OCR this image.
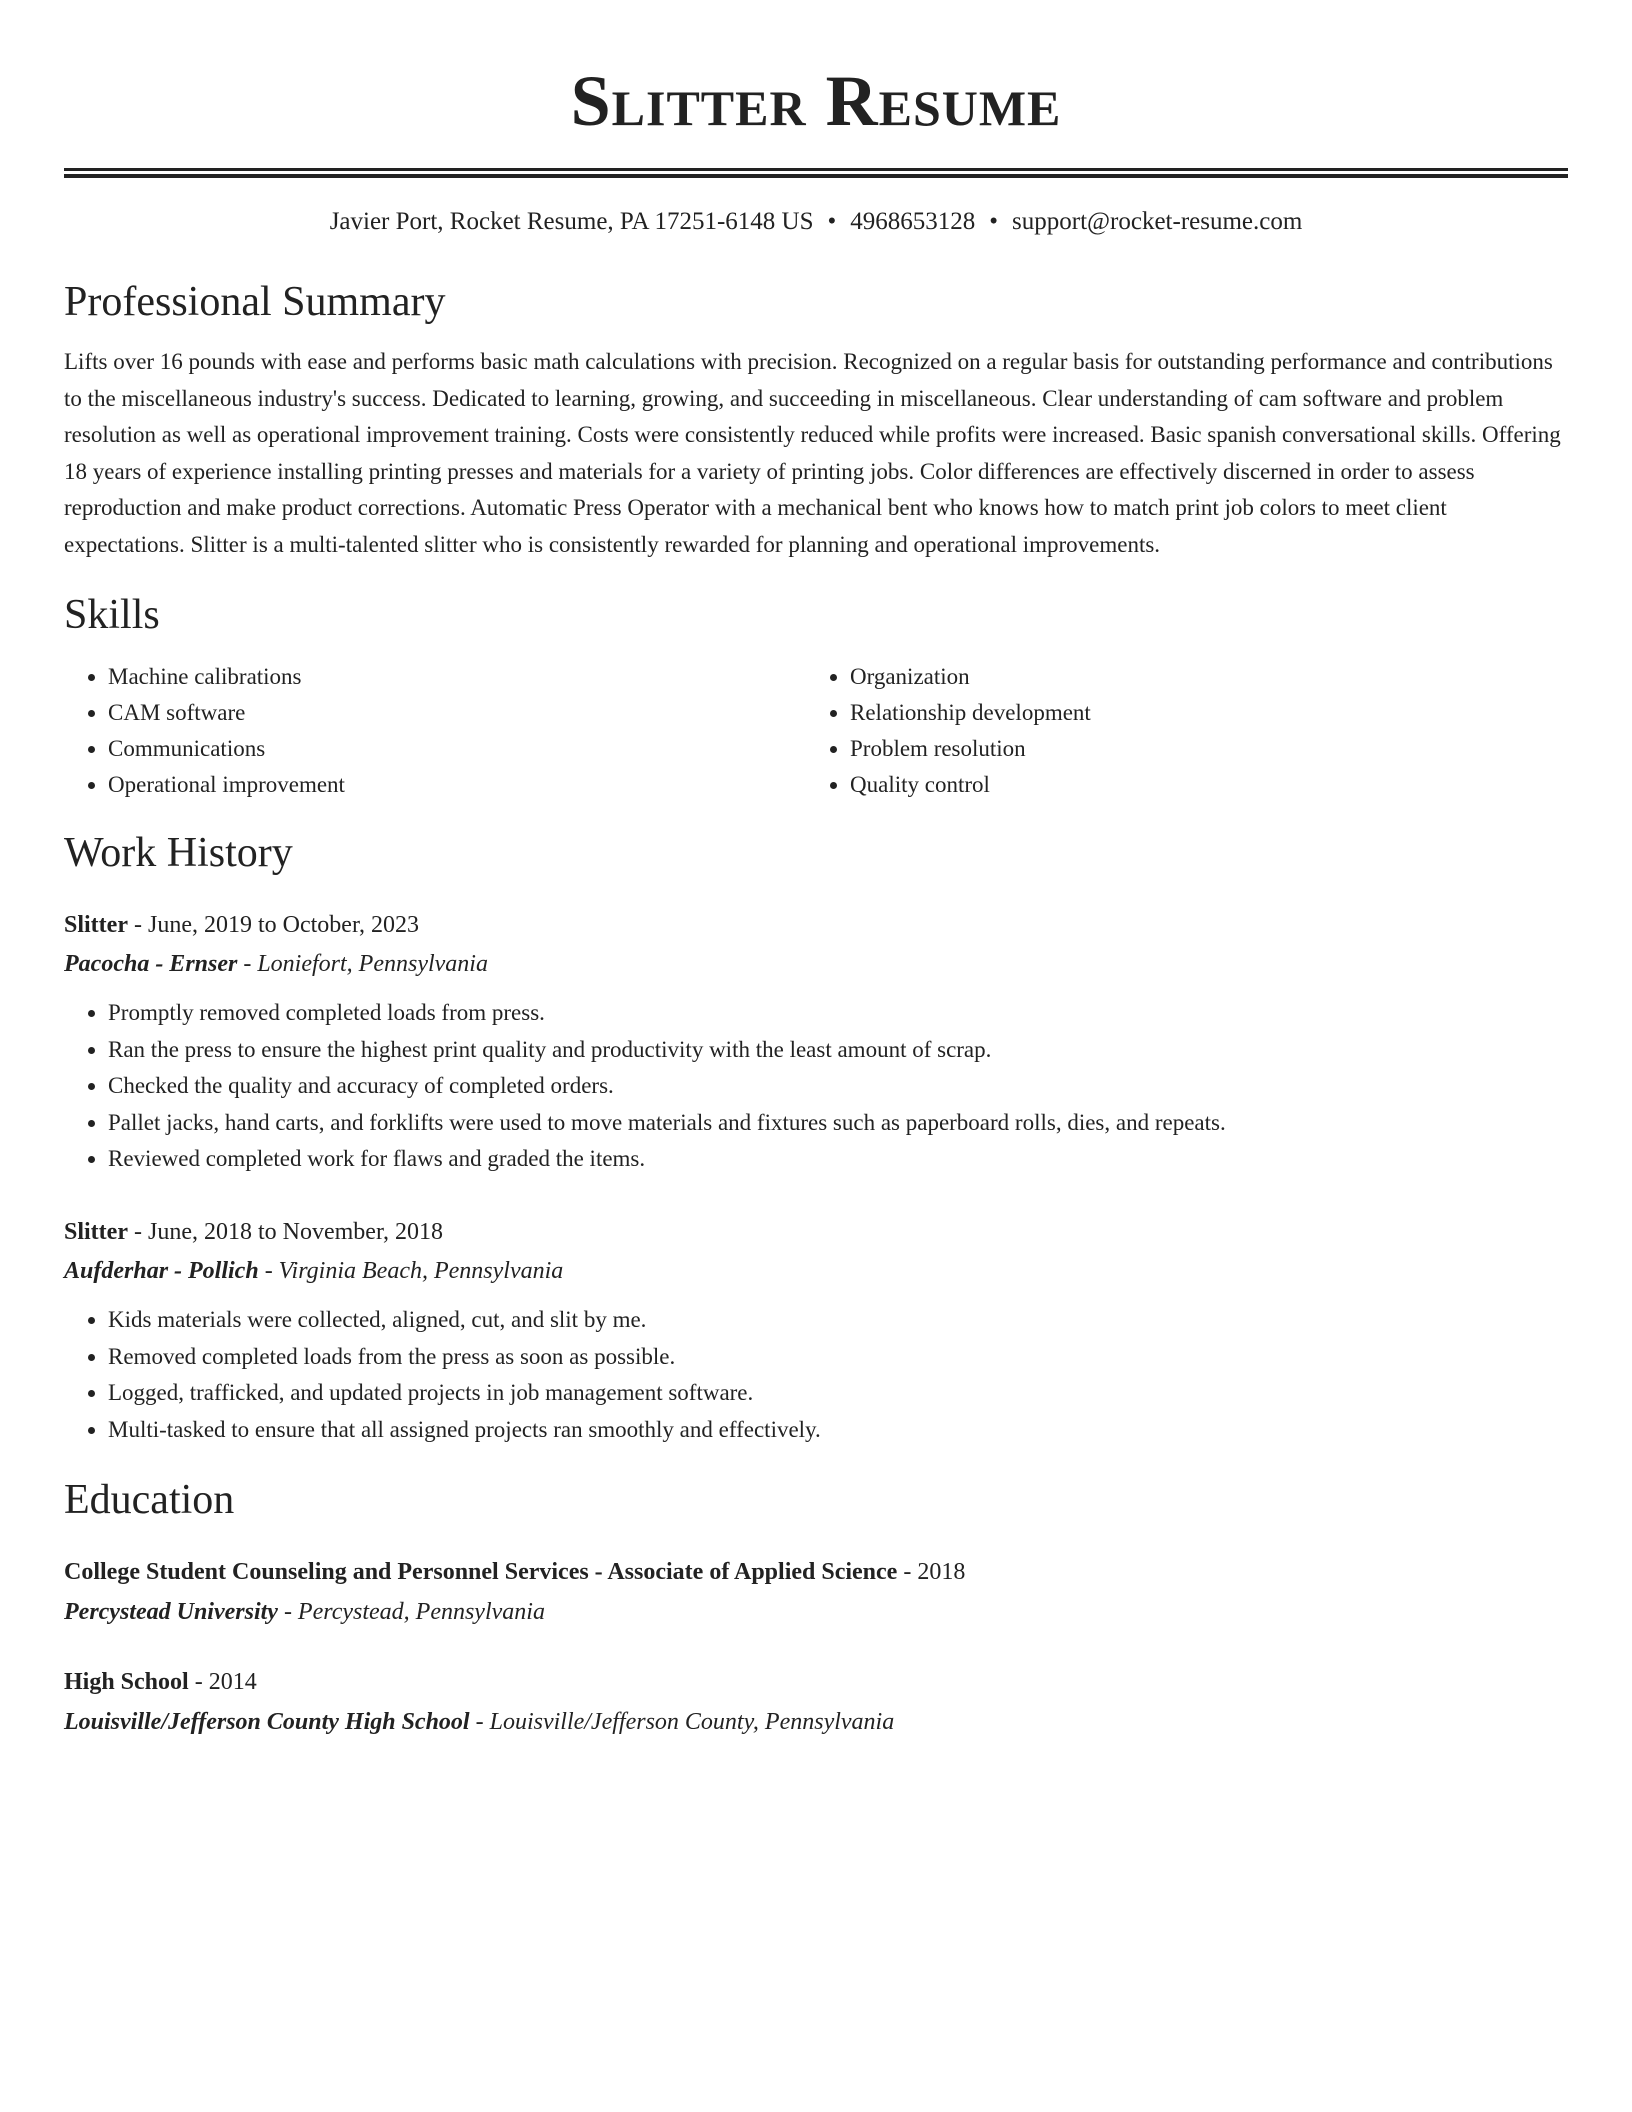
Slitter Resume
Javier Port, Rocket Resume, PA 17251-6148 US • 4968653128 • support@rocket-resume.com
Professional Summary
Lifts over 16 pounds with ease and performs basic math calculations with precision. Recognized on a regular basis for outstanding performance and contributions to the miscellaneous industry's success. Dedicated to learning, growing, and succeeding in miscellaneous. Clear understanding of cam software and problem resolution as well as operational improvement training. Costs were consistently reduced while profits were increased. Basic spanish conversational skills. Offering 18 years of experience installing printing presses and materials for a variety of printing jobs. Color differences are effectively discerned in order to assess reproduction and make product corrections. Automatic Press Operator with a mechanical bent who knows how to match print job colors to meet client expectations. Slitter is a multi-talented slitter who is consistently rewarded for planning and operational improvements.
Skills
• Machine calibrations
• CAM software
• Communications
• Operational improvement
• Organization
• Relationship development
• Problem resolution
• Quality control
Work History
Slitter - June, 2019 to October, 2023
Pacocha - Ernser - Loniefort, Pennsylvania
• Promptly removed completed loads from press.
• Ran the press to ensure the highest print quality and productivity with the least amount of scrap.
• Checked the quality and accuracy of completed orders.
• Pallet jacks, hand carts, and forklifts were used to move materials and fixtures such as paperboard rolls, dies, and repeats.
• Reviewed completed work for flaws and graded the items.
Slitter - June, 2018 to November, 2018
Aufderhar - Pollich - Virginia Beach, Pennsylvania
• Kids materials were collected, aligned, cut, and slit by me.
• Removed completed loads from the press as soon as possible.
• Logged, trafficked, and updated projects in job management software.
• Multi-tasked to ensure that all assigned projects ran smoothly and effectively.
Education
College Student Counseling and Personnel Services - Associate of Applied Science - 2018
Percystead University - Percystead, Pennsylvania
High School - 2014
Louisville/Jefferson County High School - Louisville/Jefferson County, Pennsylvania
